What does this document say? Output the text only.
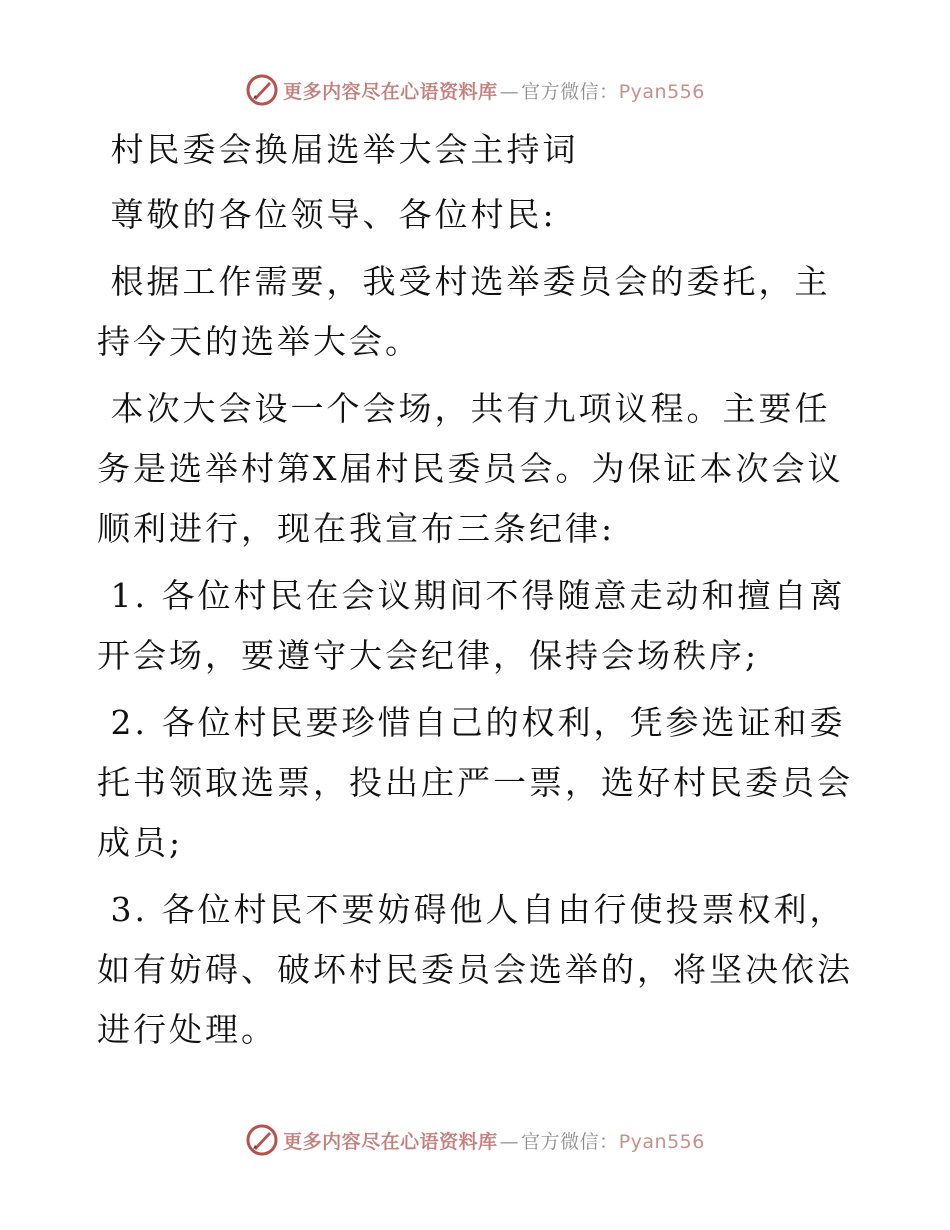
更多内容尽在心语资料库 — 官方微信：Pyan556

村民委会换届选举大会主持词

尊敬的各位领导、各位村民:

根据工作需要，我受村选举委员会的委托，主持今天的选举大会。

本次大会设一个会场，共有九项议程。主要任务是选举村第X届村民委员会。为保证本次会议顺利进行，现在我宣布三条纪律:

1. 各位村民在会议期间不得随意走动和擅自离开会场，要遵守大会纪律，保持会场秩序;

2. 各位村民要珍惜自己的权利，凭参选证和委托书领取选票，投出庄严一票，选好村民委员会成员;

3. 各位村民不要妨碍他人自由行使投票权利，如有妨碍、破坏村民委员会选举的，将坚决依法进行处理。

更多内容尽在心语资料库 — 官方微信：Pyan556
